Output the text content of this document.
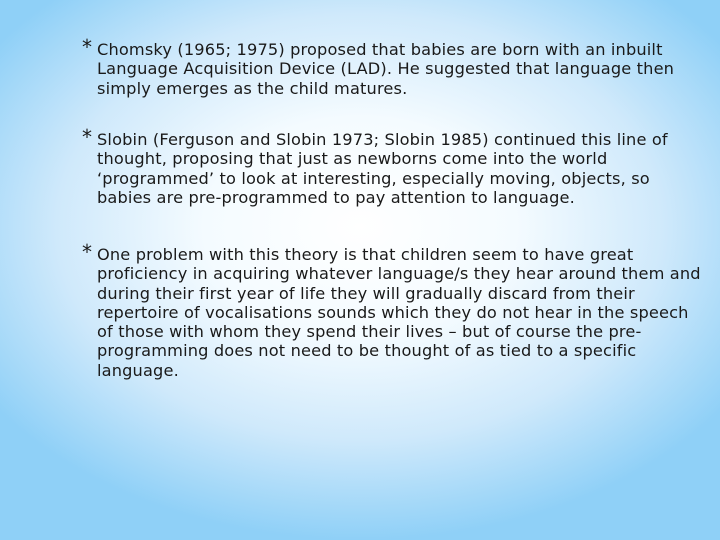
* Chomsky (1965; 1975) proposed that babies are born with an inbuilt Language Acquisition Device (LAD). He suggested that language then simply emerges as the child matures.
* Slobin (Ferguson and Slobin 1973; Slobin 1985) continued this line of thought, proposing that just as newborns come into the world ‘programmed’ to look at interesting, especially moving, objects, so babies are pre-programmed to pay attention to language.
* One problem with this theory is that children seem to have great proficiency in acquiring whatever language/s they hear around them and during their first year of life they will gradually discard from their repertoire of vocalisations sounds which they do not hear in the speech of those with whom they spend their lives – but of course the pre-programming does not need to be thought of as tied to a specific language.
